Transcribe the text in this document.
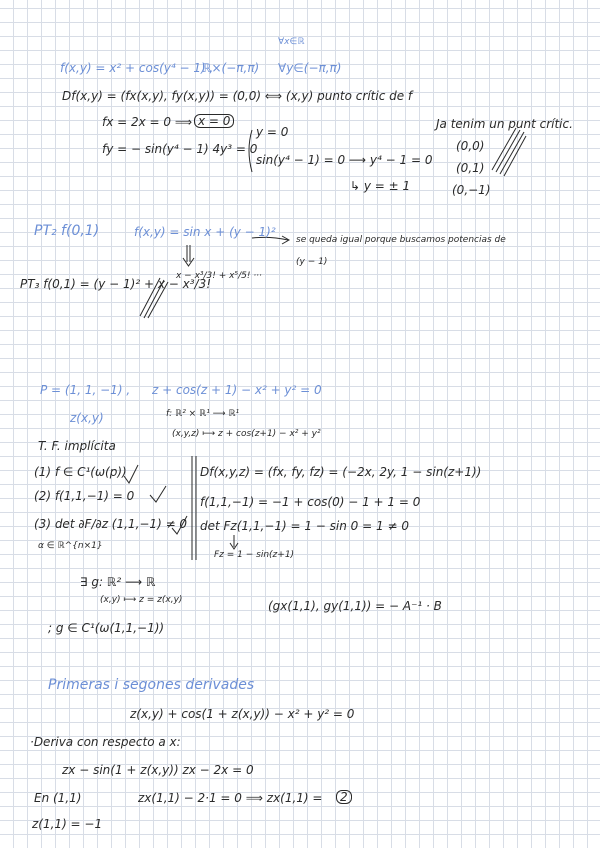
∀x∈ℝ
f(x,y) = x² + cos(y⁴ − 1) ,
ℝ×(−π,π) ∀y∈(−π,π)
Df(x,y) = (fx(x,y), fy(x,y)) = (0,0) ⟺ (x,y) punto crític de f
fx = 2x = 0 ⟹ x = 0
fy = − sin(y⁴ − 1) 4y³ = 0
y = 0
sin(y⁴ − 1) = 0 ⟶ y⁴ − 1 = 0
↳ y = ± 1
Ja tenim un punt crític.
(0,0)
(0,1)
(0,−1)
PT₂ f(0,1)	f(x,y) = sin x + (y − 1)²
se queda igual porque buscamos potencias de
(y − 1)
x − x³/3! + x⁵/5! ···
PT₃ f(0,1) = (y − 1)² + x − x³/3!
P = (1, 1, −1) , z + cos(z + 1) − x² + y² = 0
z(x,y)	f: ℝ² × ℝ¹ ⟶ ℝ¹
(x,y,z) ⟼ z + cos(z+1) − x² + y²
T. F. implícita
(1) f ∈ C¹(ω(p))
(2) f(1,1,−1) = 0
(3) det ∂F/∂z (1,1,−1) ≠ 0
α ∈ ℝ^{n×1}
Df(x,y,z) = (fx, fy, fz) = (−2x, 2y, 1 − sin(z+1))
f(1,1,−1) = −1 + cos(0) − 1 + 1 = 0
det Fz(1,1,−1) = 1 − sin 0 = 1 ≠ 0
Fz = 1 − sin(z+1)
∃ g: ℝ² ⟶ ℝ
(x,y) ⟼ z = z(x,y)
; g ∈ C¹(ω(1,1,−1))
(gx(1,1), gy(1,1)) = − A⁻¹ · B
Primeras i segones derivades
z(x,y) + cos(1 + z(x,y)) − x² + y² = 0
·Deriva con respecto a x:
zx − sin(1 + z(x,y)) zx − 2x = 0
En (1,1)	zx(1,1) − 2·1 = 0 ⟹ zx(1,1) =	2
z(1,1) = −1
